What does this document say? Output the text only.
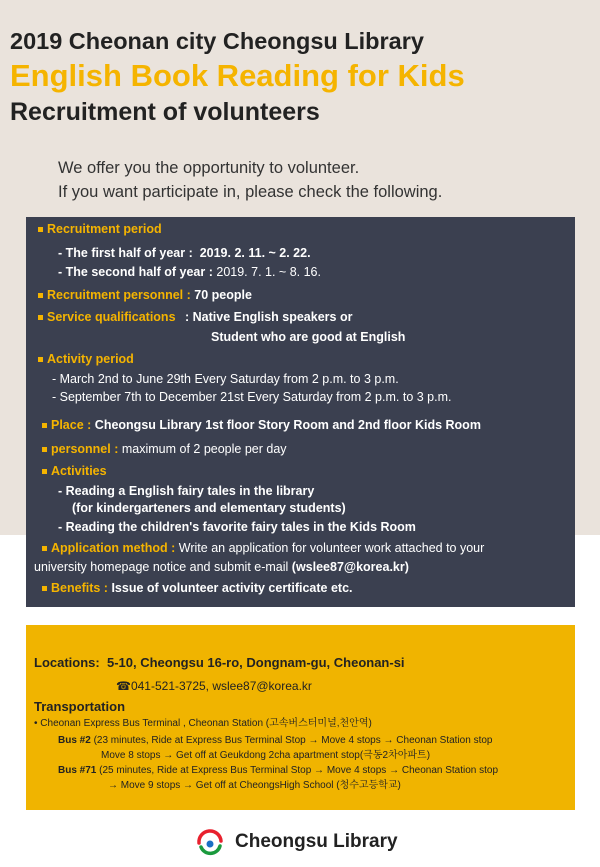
2019 Cheonan city Cheongsu Library
English Book Reading for Kids
Recruitment of volunteers
We offer you the opportunity to volunteer.
If you want participate in, please check the following.
Recruitment period
- The first half of year : 2019. 2. 11. ~ 2. 22.
- The second half of year : 2019. 7. 1. ~ 8. 16.
Recruitment personnel : 70 people
Service qualifications : Native English speakers or
Student who are good at English
Activity period
- March 2nd to June 29th Every Saturday from 2 p.m. to 3 p.m.
- September 7th to December 21st Every Saturday from 2 p.m. to 3 p.m.
Place : Cheongsu Library 1st floor Story Room and 2nd floor Kids Room
personnel : maximum of 2 people per day
Activities
- Reading a English fairy tales in the library
(for kindergarteners and elementary students)
- Reading the children's favorite fairy tales in the Kids Room
Application method : Write an application for volunteer work attached to your
university homepage notice and submit e-mail (wslee87@korea.kr)
Benefits : Issue of volunteer activity certificate etc.
Locations: 5-10, Cheongsu 16-ro, Dongnam-gu, Cheonan-si
☎041-521-3725, wslee87@korea.kr
Transportation
• Cheonan Express Bus Terminal , Cheonan Station (고속버스터미널,천안역)
Bus #2 (23 minutes, Ride at Express Bus Terminal Stop → Move 4 stops → Cheonan Station stop
Move 8 stops → Get off at Geukdong 2cha apartment stop(극동2차아파트)
Bus #71 (25 minutes, Ride at Express Bus Terminal Stop → Move 4 stops → Cheonan Station stop
→ Move 9 stops → Get off at CheongsHigh School (청수고등학교)
Cheongsu Library
